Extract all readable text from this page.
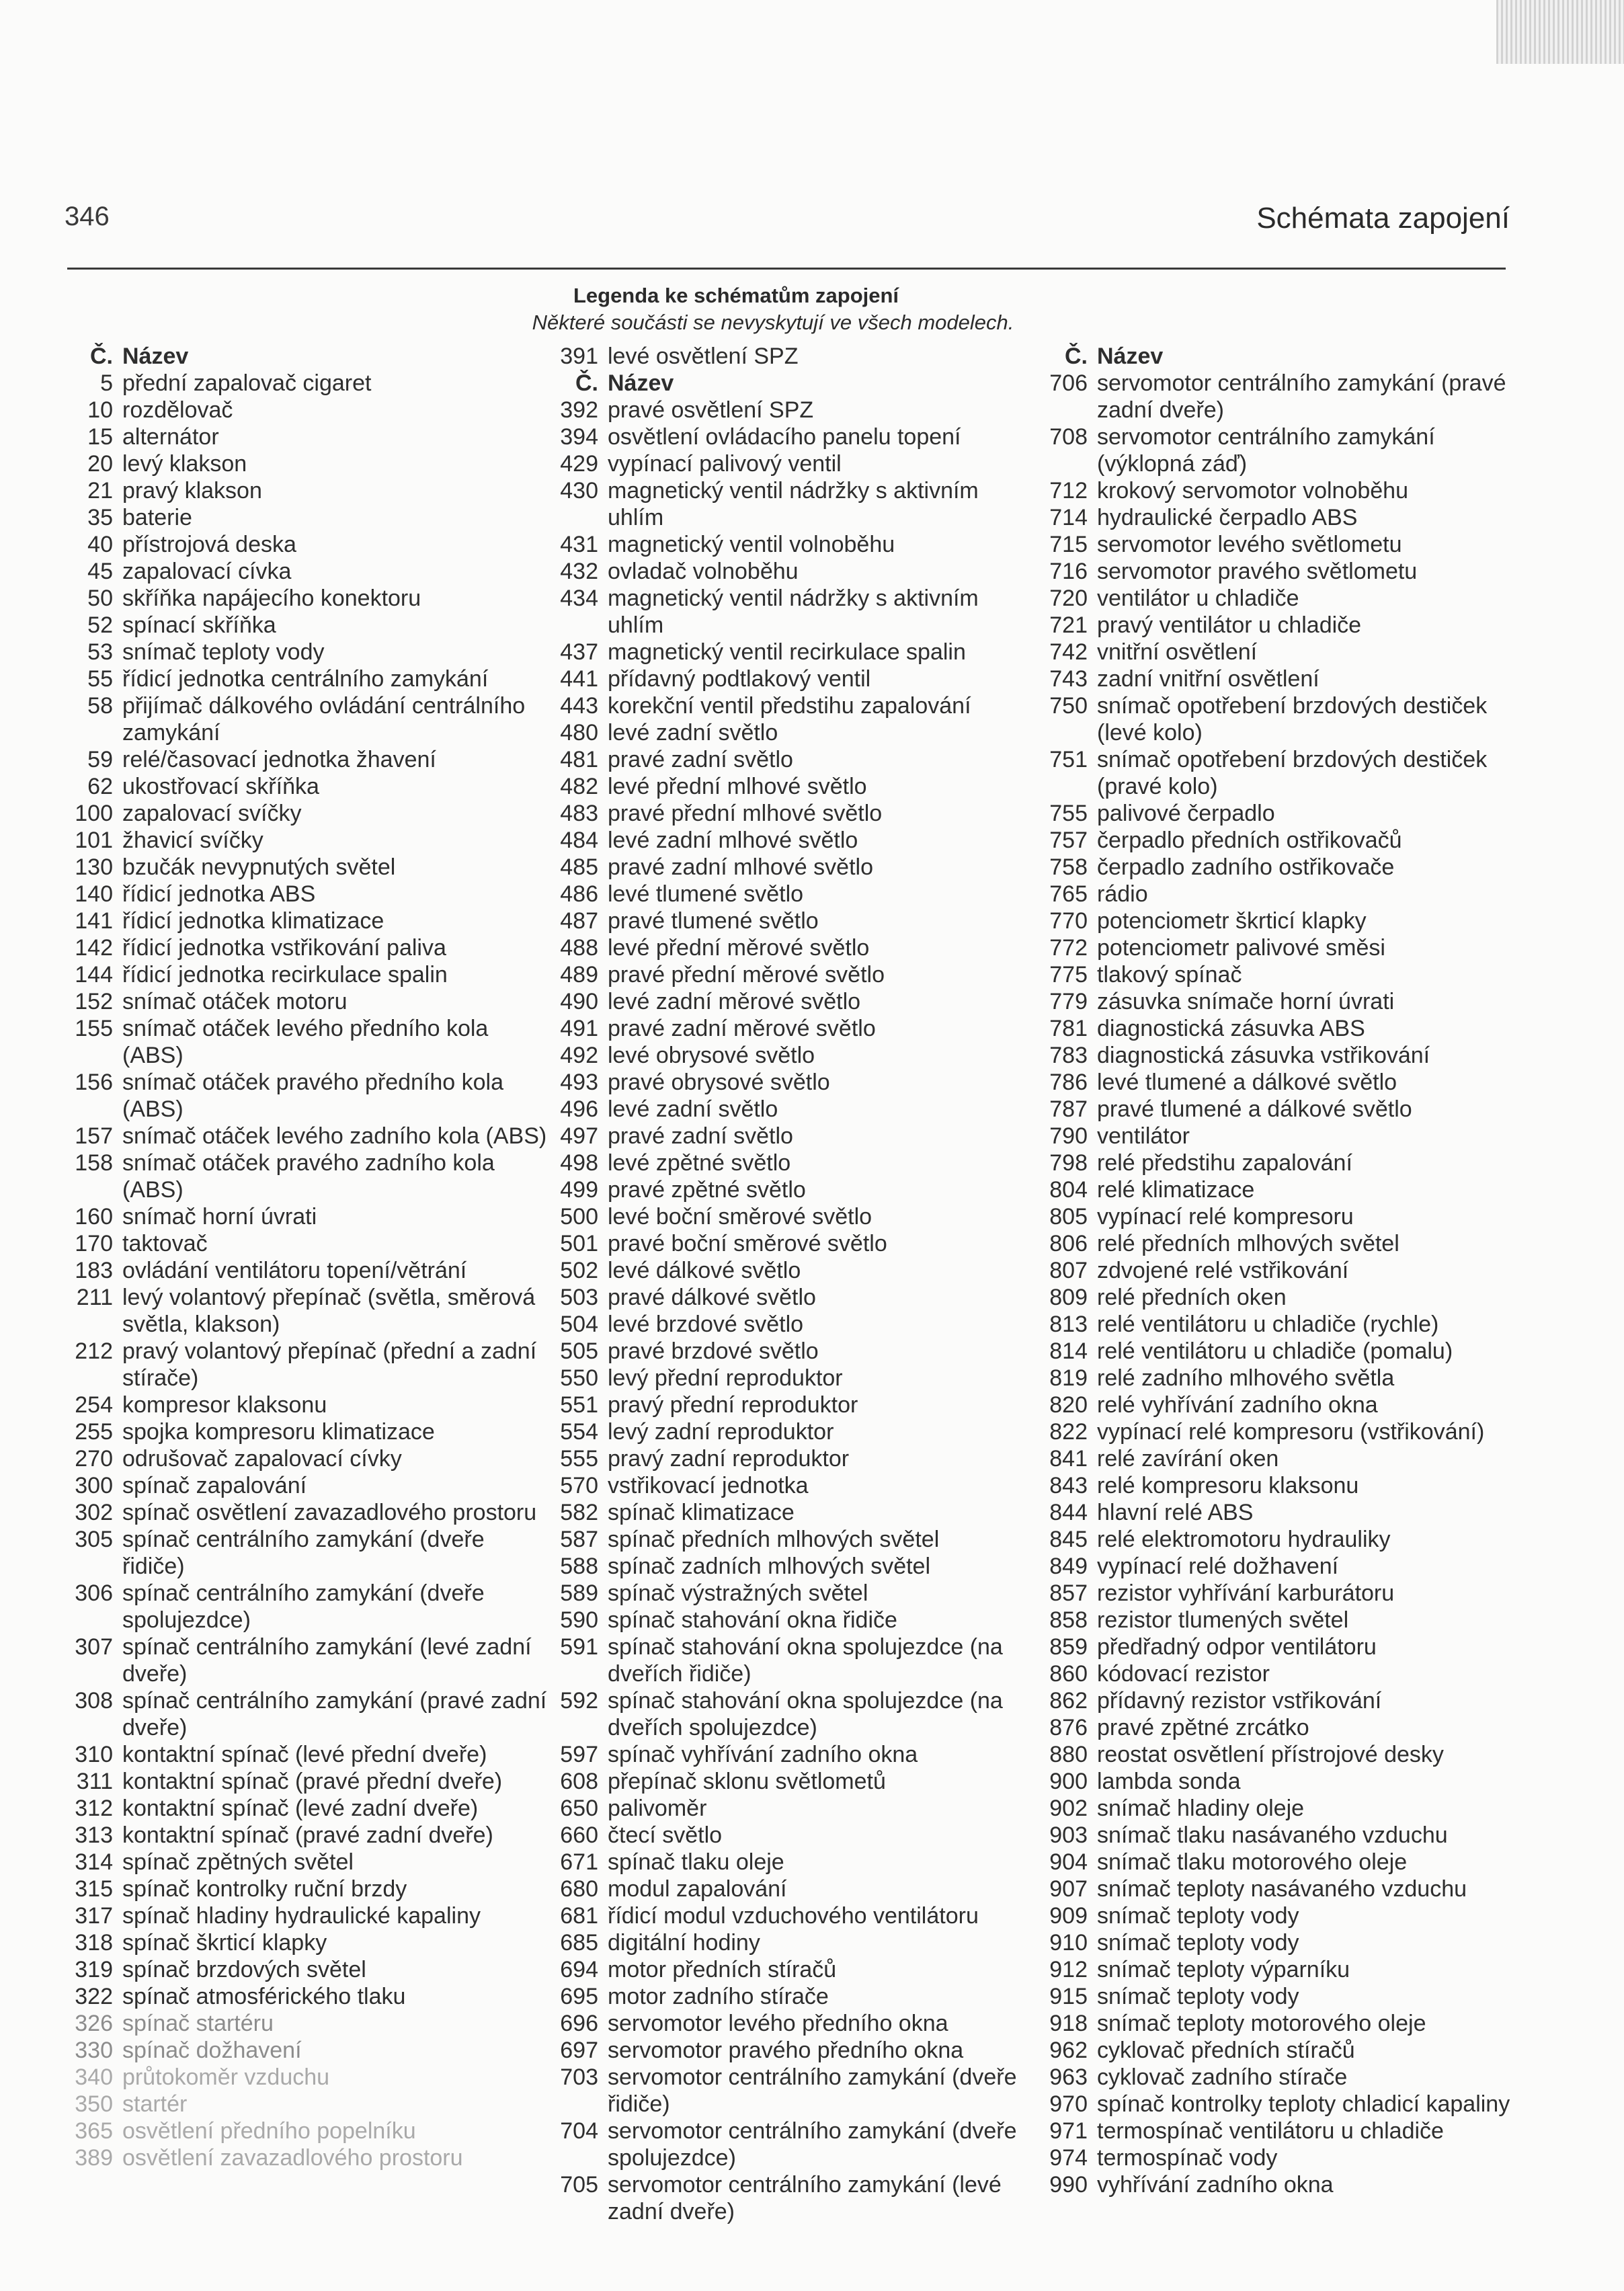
346	Schémata zapojení
Legenda ke schématům zapojení
Některé součásti se nevyskytují ve všech modelech.
Č. Název
5 přední zapalovač cigaret
10 rozdělovač
15 alternátor
20 levý klakson
21 pravý klakson
35 baterie
40 přístrojová deska
45 zapalovací cívka
50 skříňka napájecího konektoru
52 spínací skříňka
53 snímač teploty vody
55 řídicí jednotka centrálního zamykání
58 přijímač dálkového ovládání centrálního zamykání
59 relé/časovací jednotka žhavení
62 ukostřovací skříňka
100 zapalovací svíčky
101 žhavicí svíčky
130 bzučák nevypnutých světel
140 řídicí jednotka ABS
141 řídicí jednotka klimatizace
142 řídicí jednotka vstřikování paliva
144 řídicí jednotka recirkulace spalin
152 snímač otáček motoru
155 snímač otáček levého předního kola (ABS)
156 snímač otáček pravého předního kola (ABS)
157 snímač otáček levého zadního kola (ABS)
158 snímač otáček pravého zadního kola (ABS)
160 snímač horní úvrati
170 taktovač
183 ovládání ventilátoru topení/větrání
211 levý volantový přepínač (světla, směrová světla, klakson)
212 pravý volantový přepínač (přední a zadní stírače)
254 kompresor klaksonu
255 spojka kompresoru klimatizace
270 odrušovač zapalovací cívky
300 spínač zapalování
302 spínač osvětlení zavazadlového prostoru
305 spínač centrálního zamykání (dveře řidiče)
306 spínač centrálního zamykání (dveře spolujezdce)
307 spínač centrálního zamykání (levé zadní dveře)
308 spínač centrálního zamykání (pravé zadní dveře)
310 kontaktní spínač (levé přední dveře)
311 kontaktní spínač (pravé přední dveře)
312 kontaktní spínač (levé zadní dveře)
313 kontaktní spínač (pravé zadní dveře)
314 spínač zpětných světel
315 spínač kontrolky ruční brzdy
317 spínač hladiny hydraulické kapaliny
318 spínač škrticí klapky
319 spínač brzdových světel
322 spínač atmosférického tlaku
326 spínač startéru
330 spínač dožhavení
340 průtokoměr vzduchu
350 startér
365 osvětlení předního popelníku
389 osvětlení zavazadlového prostoru
391 levé osvětlení SPZ
Č. Název
392 pravé osvětlení SPZ
394 osvětlení ovládacího panelu topení
429 vypínací palivový ventil
430 magnetický ventil nádržky s aktivním uhlím
431 magnetický ventil volnoběhu
432 ovladač volnoběhu
434 magnetický ventil nádržky s aktivním uhlím
437 magnetický ventil recirkulace spalin
441 přídavný podtlakový ventil
443 korekční ventil předstihu zapalování
480 levé zadní světlo
481 pravé zadní světlo
482 levé přední mlhové světlo
483 pravé přední mlhové světlo
484 levé zadní mlhové světlo
485 pravé zadní mlhové světlo
486 levé tlumené světlo
487 pravé tlumené světlo
488 levé přední měrové světlo
489 pravé přední měrové světlo
490 levé zadní měrové světlo
491 pravé zadní měrové světlo
492 levé obrysové světlo
493 pravé obrysové světlo
496 levé zadní světlo
497 pravé zadní světlo
498 levé zpětné světlo
499 pravé zpětné světlo
500 levé boční směrové světlo
501 pravé boční směrové světlo
502 levé dálkové světlo
503 pravé dálkové světlo
504 levé brzdové světlo
505 pravé brzdové světlo
550 levý přední reproduktor
551 pravý přední reproduktor
554 levý zadní reproduktor
555 pravý zadní reproduktor
570 vstřikovací jednotka
582 spínač klimatizace
587 spínač předních mlhových světel
588 spínač zadních mlhových světel
589 spínač výstražných světel
590 spínač stahování okna řidiče
591 spínač stahování okna spolujezdce (na dveřích řidiče)
592 spínač stahování okna spolujezdce (na dveřích spolujezdce)
597 spínač vyhřívání zadního okna
608 přepínač sklonu světlometů
650 palivoměr
660 čtecí světlo
671 spínač tlaku oleje
680 modul zapalování
681 řídicí modul vzduchového ventilátoru
685 digitální hodiny
694 motor předních stíračů
695 motor zadního stírače
696 servomotor levého předního okna
697 servomotor pravého předního okna
703 servomotor centrálního zamykání (dveře řidiče)
704 servomotor centrálního zamykání (dveře spolujezdce)
705 servomotor centrálního zamykání (levé zadní dveře)
Č. Název
706 servomotor centrálního zamykání (pravé zadní dveře)
708 servomotor centrálního zamykání (výklopná záď)
712 krokový servomotor volnoběhu
714 hydraulické čerpadlo ABS
715 servomotor levého světlometu
716 servomotor pravého světlometu
720 ventilátor u chladiče
721 pravý ventilátor u chladiče
742 vnitřní osvětlení
743 zadní vnitřní osvětlení
750 snímač opotřebení brzdových destiček (levé kolo)
751 snímač opotřebení brzdových destiček (pravé kolo)
755 palivové čerpadlo
757 čerpadlo předních ostřikovačů
758 čerpadlo zadního ostřikovače
765 rádio
770 potenciometr škrticí klapky
772 potenciometr palivové směsi
775 tlakový spínač
779 zásuvka snímače horní úvrati
781 diagnostická zásuvka ABS
783 diagnostická zásuvka vstřikování
786 levé tlumené a dálkové světlo
787 pravé tlumené a dálkové světlo
790 ventilátor
798 relé předstihu zapalování
804 relé klimatizace
805 vypínací relé kompresoru
806 relé předních mlhových světel
807 zdvojené relé vstřikování
809 relé předních oken
813 relé ventilátoru u chladiče (rychle)
814 relé ventilátoru u chladiče (pomalu)
819 relé zadního mlhového světla
820 relé vyhřívání zadního okna
822 vypínací relé kompresoru (vstřikování)
841 relé zavírání oken
843 relé kompresoru klaksonu
844 hlavní relé ABS
845 relé elektromotoru hydrauliky
849 vypínací relé dožhavení
857 rezistor vyhřívání karburátoru
858 rezistor tlumených světel
859 předřadný odpor ventilátoru
860 kódovací rezistor
862 přídavný rezistor vstřikování
876 pravé zpětné zrcátko
880 reostat osvětlení přístrojové desky
900 lambda sonda
902 snímač hladiny oleje
903 snímač tlaku nasávaného vzduchu
904 snímač tlaku motorového oleje
907 snímač teploty nasávaného vzduchu
909 snímač teploty vody
910 snímač teploty vody
912 snímač teploty výparníku
915 snímač teploty vody
918 snímač teploty motorového oleje
962 cyklovač předních stíračů
963 cyklovač zadního stírače
970 spínač kontrolky teploty chladicí kapaliny
971 termospínač ventilátoru u chladiče
974 termospínač vody
990 vyhřívání zadního okna
